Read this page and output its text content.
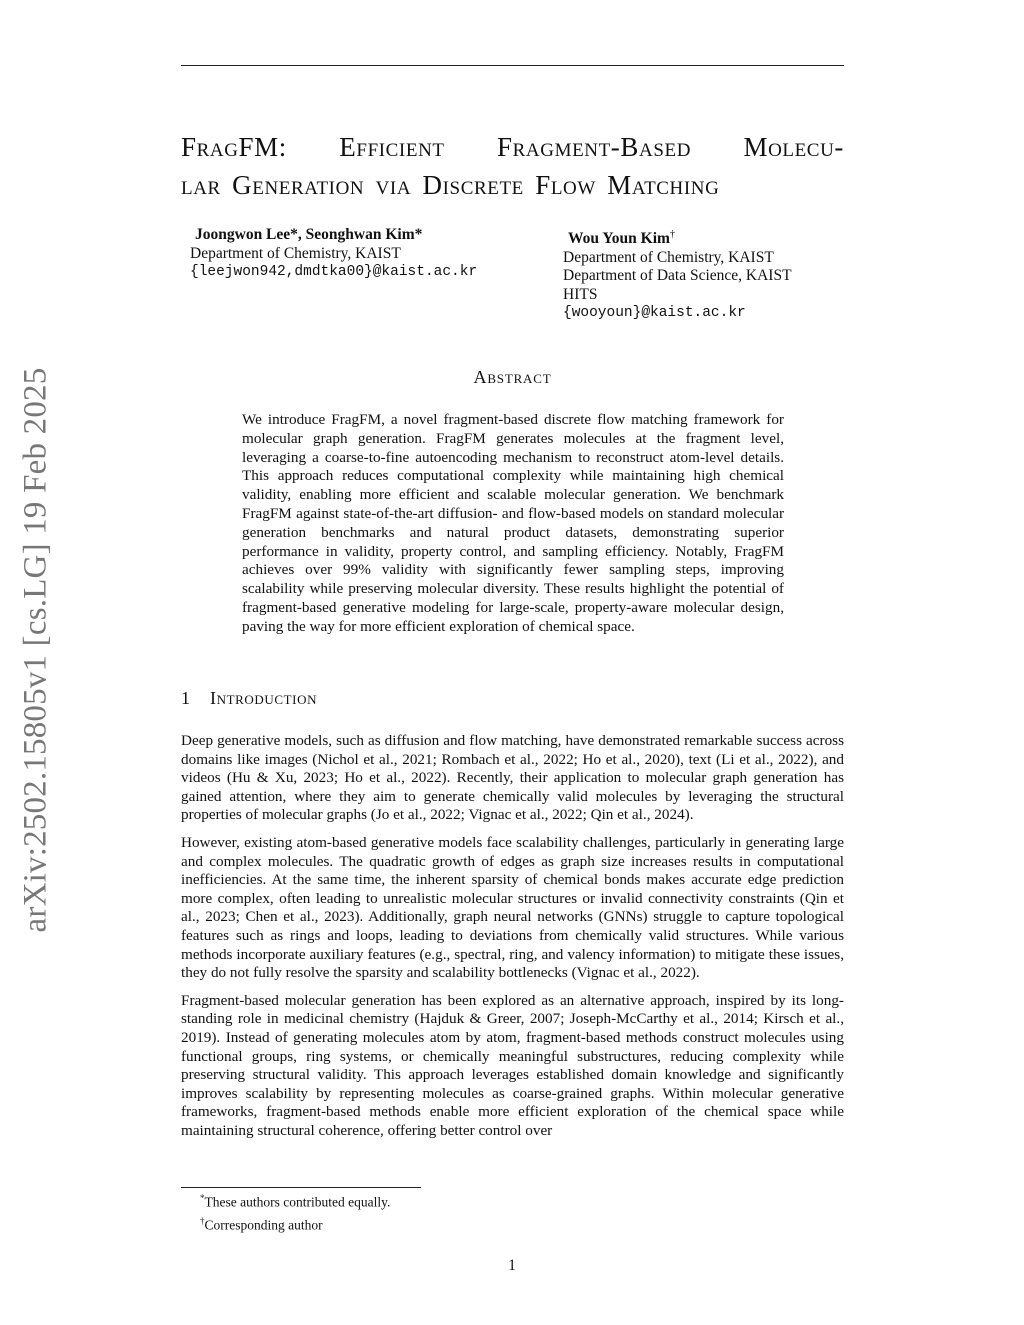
arXiv:2502.15805v1 [cs.LG] 19 Feb 2025
FragFM: Efficient Fragment-Based Molecu-
lar Generation via Discrete Flow Matching
Joongwon Lee*, Seonghwan Kim*
Department of Chemistry, KAIST
{leejwon942,dmdtka00}@kaist.ac.kr
Wou Youn Kim†
Department of Chemistry, KAIST
Department of Data Science, KAIST
HITS
{wooyoun}@kaist.ac.kr
Abstract

We introduce FragFM, a novel fragment-based discrete flow matching framework for molecular graph generation. FragFM generates molecules at the fragment level, leveraging a coarse-to-fine autoencoding mechanism to reconstruct atom-level details. This approach reduces computational complexity while maintaining high chemical validity, enabling more efficient and scalable molecular generation. We benchmark FragFM against state-of-the-art diffusion- and flow-based models on standard molecular generation benchmarks and natural product datasets, demonstrating superior performance in validity, property control, and sampling efficiency. Notably, FragFM achieves over 99% validity with significantly fewer sampling steps, improving scalability while preserving molecular diversity. These results highlight the potential of fragment-based generative modeling for large-scale, property-aware molecular design, paving the way for more efficient exploration of chemical space.

1 Introduction

Deep generative models, such as diffusion and flow matching, have demonstrated remarkable success across domains like images (Nichol et al., 2021; Rombach et al., 2022; Ho et al., 2020), text (Li et al., 2022), and videos (Hu & Xu, 2023; Ho et al., 2022). Recently, their application to molecular graph generation has gained attention, where they aim to generate chemically valid molecules by leveraging the structural properties of molecular graphs (Jo et al., 2022; Vignac et al., 2022; Qin et al., 2024).

However, existing atom-based generative models face scalability challenges, particularly in generating large and complex molecules. The quadratic growth of edges as graph size increases results in computational inefficiencies. At the same time, the inherent sparsity of chemical bonds makes accurate edge prediction more complex, often leading to unrealistic molecular structures or invalid connectivity constraints (Qin et al., 2023; Chen et al., 2023). Additionally, graph neural networks (GNNs) struggle to capture topological features such as rings and loops, leading to deviations from chemically valid structures. While various methods incorporate auxiliary features (e.g., spectral, ring, and valency information) to mitigate these issues, they do not fully resolve the sparsity and scalability bottlenecks (Vignac et al., 2022).

Fragment-based molecular generation has been explored as an alternative approach, inspired by its long-standing role in medicinal chemistry (Hajduk & Greer, 2007; Joseph-McCarthy et al., 2014; Kirsch et al., 2019). Instead of generating molecules atom by atom, fragment-based methods construct molecules using functional groups, ring systems, or chemically meaningful substructures, reducing complexity while preserving structural validity. This approach leverages established domain knowledge and significantly improves scalability by representing molecules as coarse-grained graphs. Within molecular generative frameworks, fragment-based methods enable more efficient exploration of the chemical space while maintaining structural coherence, offering better control over

*These authors contributed equally.
†Corresponding author
1
